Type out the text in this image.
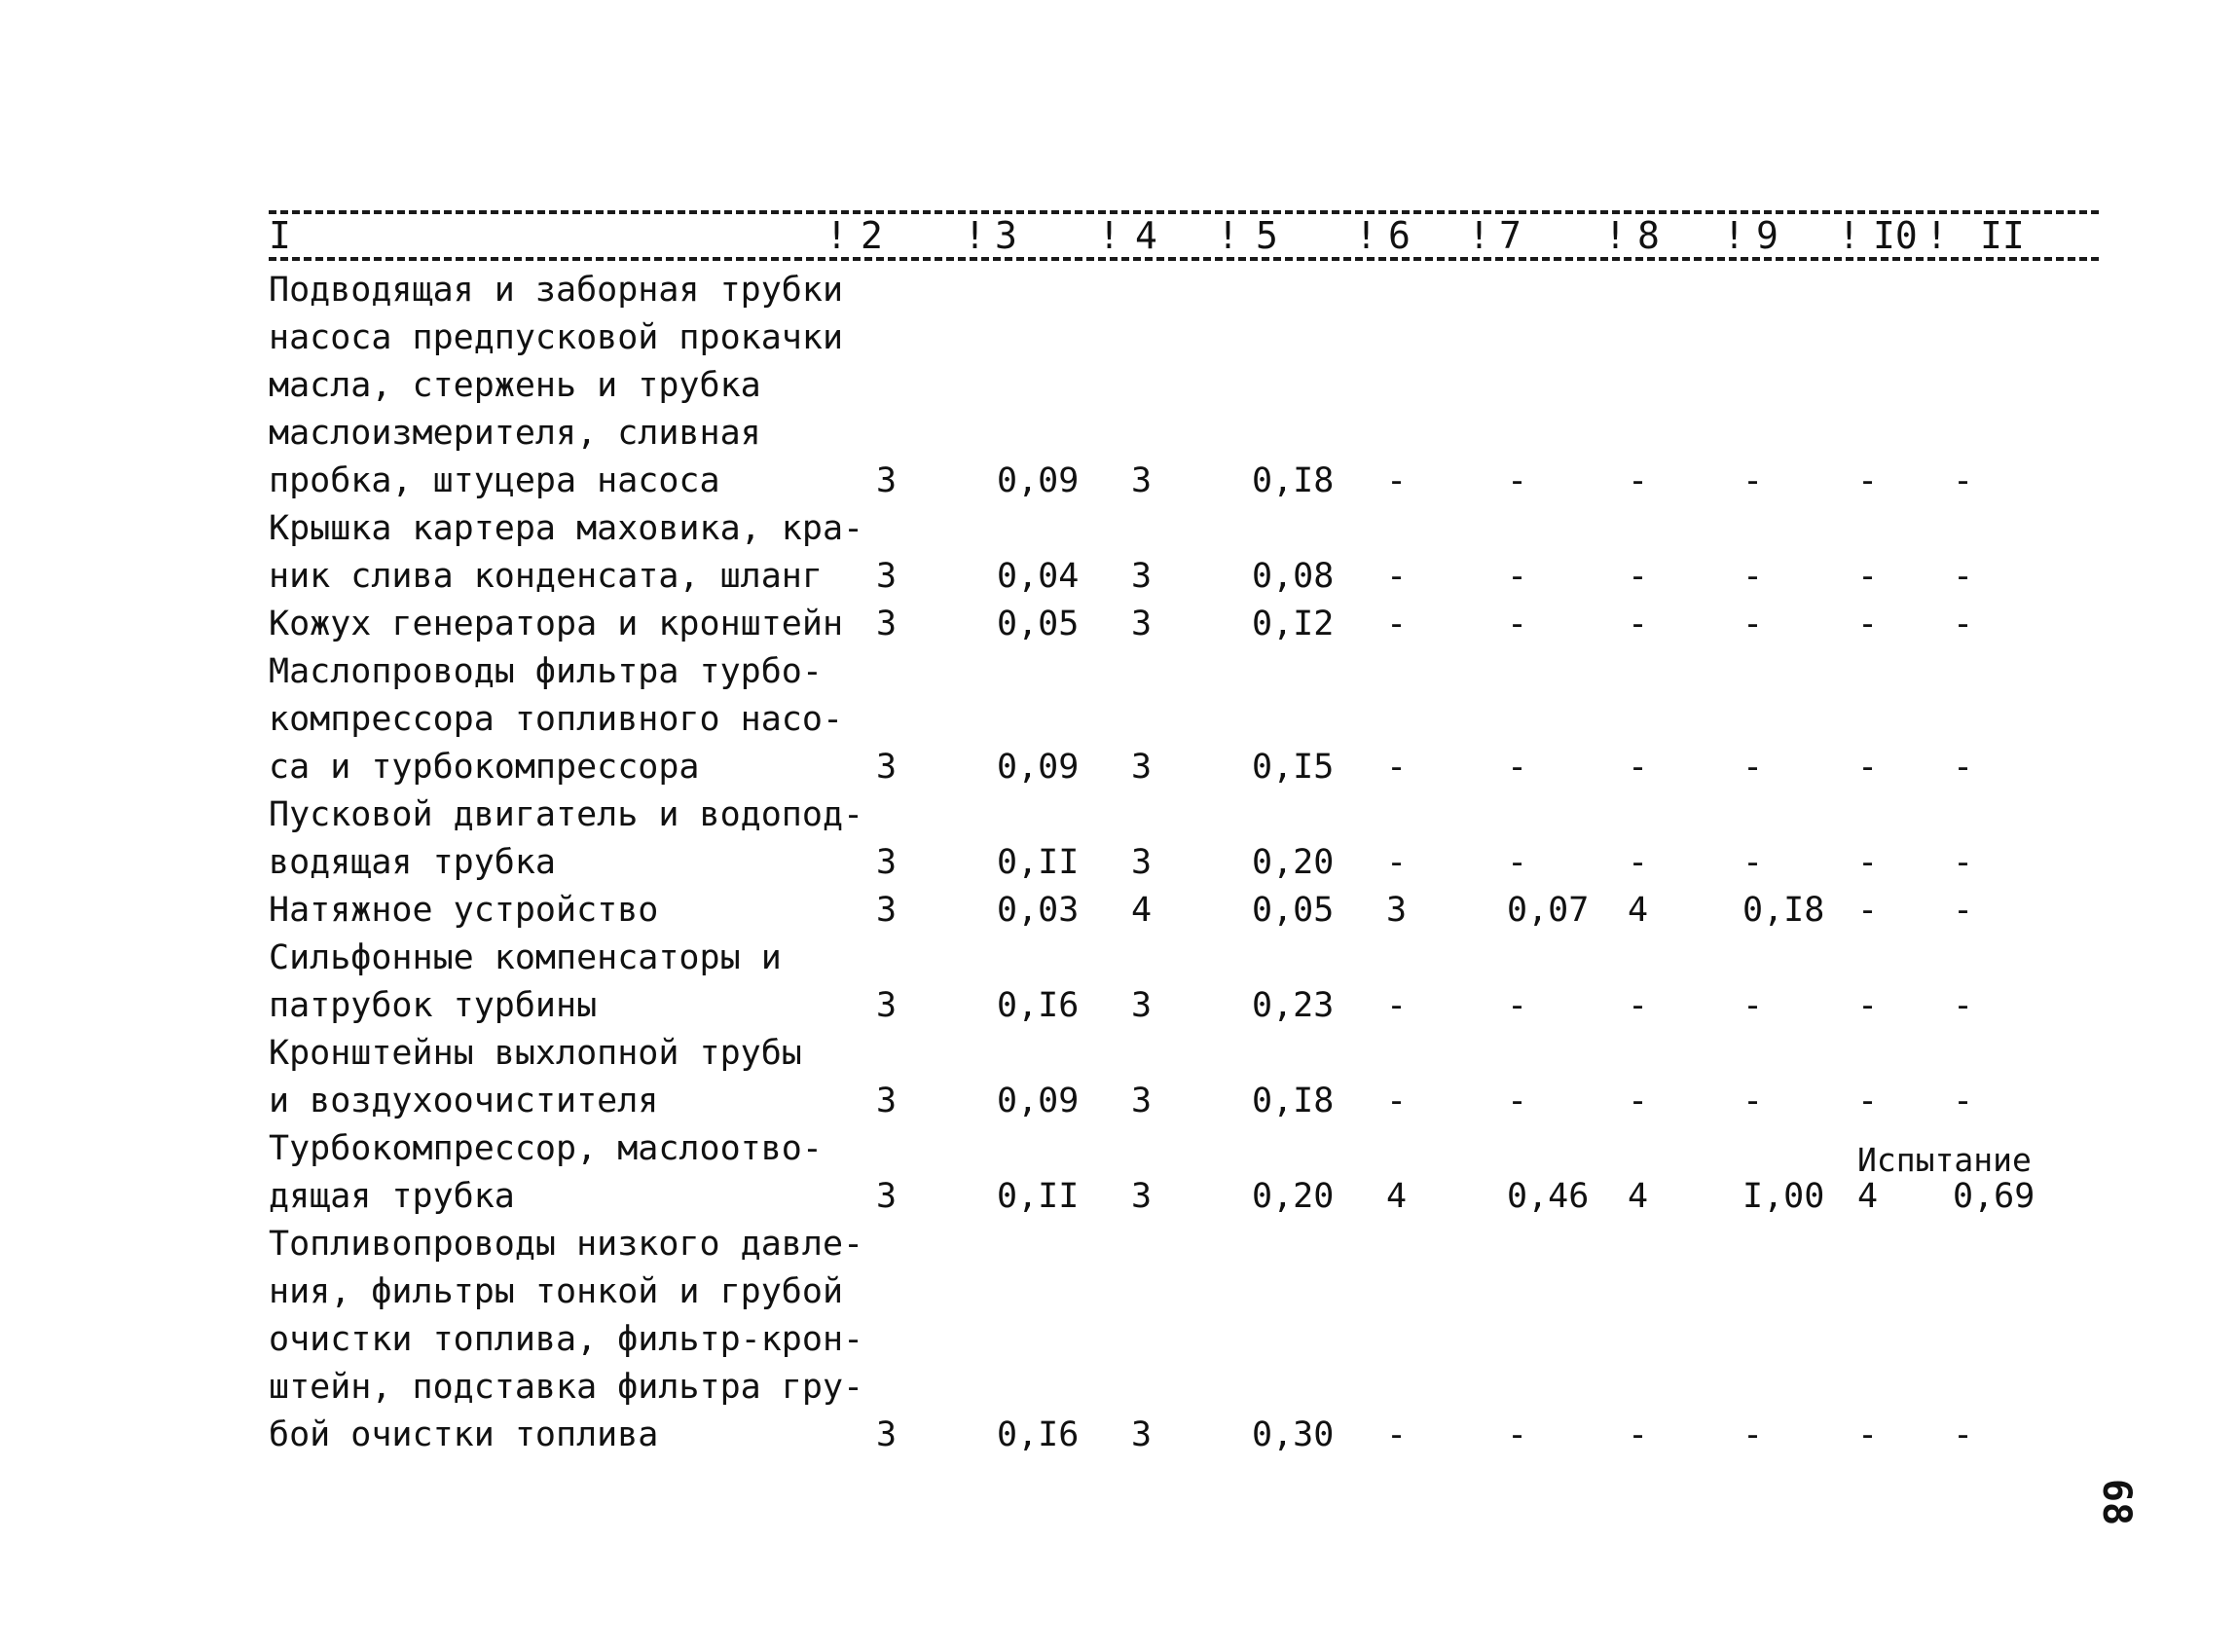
I	! 2 ! 3 ! 4 ! 5 ! 6 ! 7 ! 8 ! 9 ! I0 ! II
Подводящая и заборная трубки
насоса предпусковой прокачки
масла, стержень и трубка
маслоизмерителя, сливная
пробка, штуцера насоса	3	0,09 3	0,I8 -	-	-	-	- -
Крышка картера маховика, кра-
ник слива конденсата, шланг 3	0,04 3	0,08 -	-	-	-	- -
Кожух генератора и кронштейн 3	0,05 3	0,I2 -	-	-	-	- -
Маслопроводы фильтра турбо-
компрессора топливного насо-
са и турбокомпрессора	3	0,09 3	0,I5 -	-	-	-	- -
Пусковой двигатель и водопод-
водящая трубка	3	0,II 3	0,20 -	-	-	-	- -
Натяжное устройство	3	0,03 4	0,05 3	0,07 4	0,I8 - -
Сильфонные компенсаторы и
патрубок турбины	3	0,I6 3	0,23 -	-	-	-	- -
Кронштейны выхлопной трубы
и воздухоочистителя	3	0,09 3	0,I8 -	-	-	-	- -
Турбокомпрессор, маслоотво-
дящая трубка
Испытание
3	0,II 3	0,20 4	0,46 4	I,00 4 0,69
Топливопроводы низкого давле-
ния, фильтры тонкой и грубой
очистки топлива, фильтр-крон-
штейн, подставка фильтра гру-
бой очистки топлива	3	0,I6 3	0,30 -	-	-	-	- -
68
